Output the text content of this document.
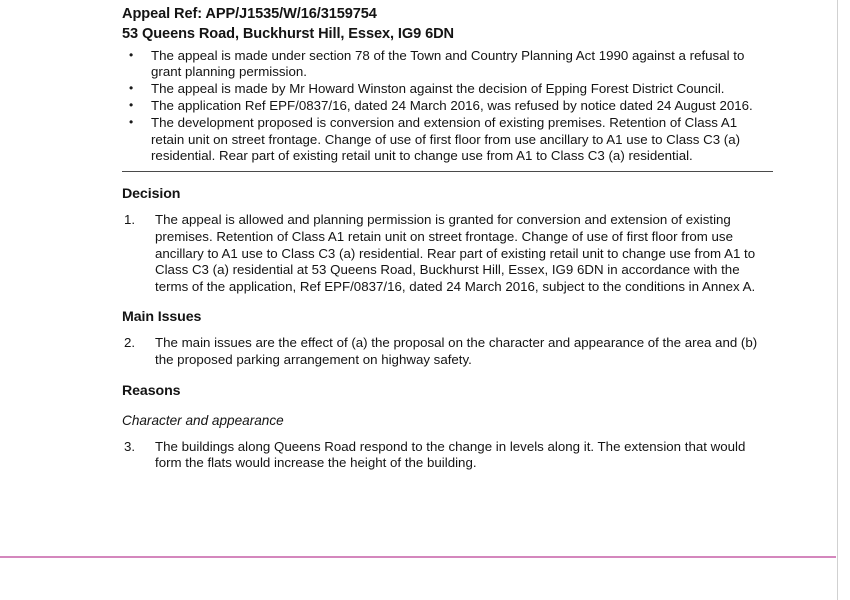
Appeal Ref: APP/J1535/W/16/3159754
53 Queens Road, Buckhurst Hill, Essex, IG9 6DN
• The appeal is made under section 78 of the Town and Country Planning Act 1990 against a refusal to grant planning permission.
• The appeal is made by Mr Howard Winston against the decision of Epping Forest District Council.
• The application Ref EPF/0837/16, dated 24 March 2016, was refused by notice dated 24 August 2016.
• The development proposed is conversion and extension of existing premises. Retention of Class A1 retain unit on street frontage. Change of use of first floor from use ancillary to A1 use to Class C3 (a) residential. Rear part of existing retail unit to change use from A1 to Class C3 (a) residential.
Decision
1. The appeal is allowed and planning permission is granted for conversion and extension of existing premises. Retention of Class A1 retain unit on street frontage. Change of use of first floor from use ancillary to A1 use to Class C3 (a) residential. Rear part of existing retail unit to change use from A1 to Class C3 (a) residential at 53 Queens Road, Buckhurst Hill, Essex, IG9 6DN in accordance with the terms of the application, Ref EPF/0837/16, dated 24 March 2016, subject to the conditions in Annex A.
Main Issues
2. The main issues are the effect of (a) the proposal on the character and appearance of the area and (b) the proposed parking arrangement on highway safety.
Reasons
Character and appearance
3. The buildings along Queens Road respond to the change in levels along it. The extension that would form the flats would increase the height of the building.
